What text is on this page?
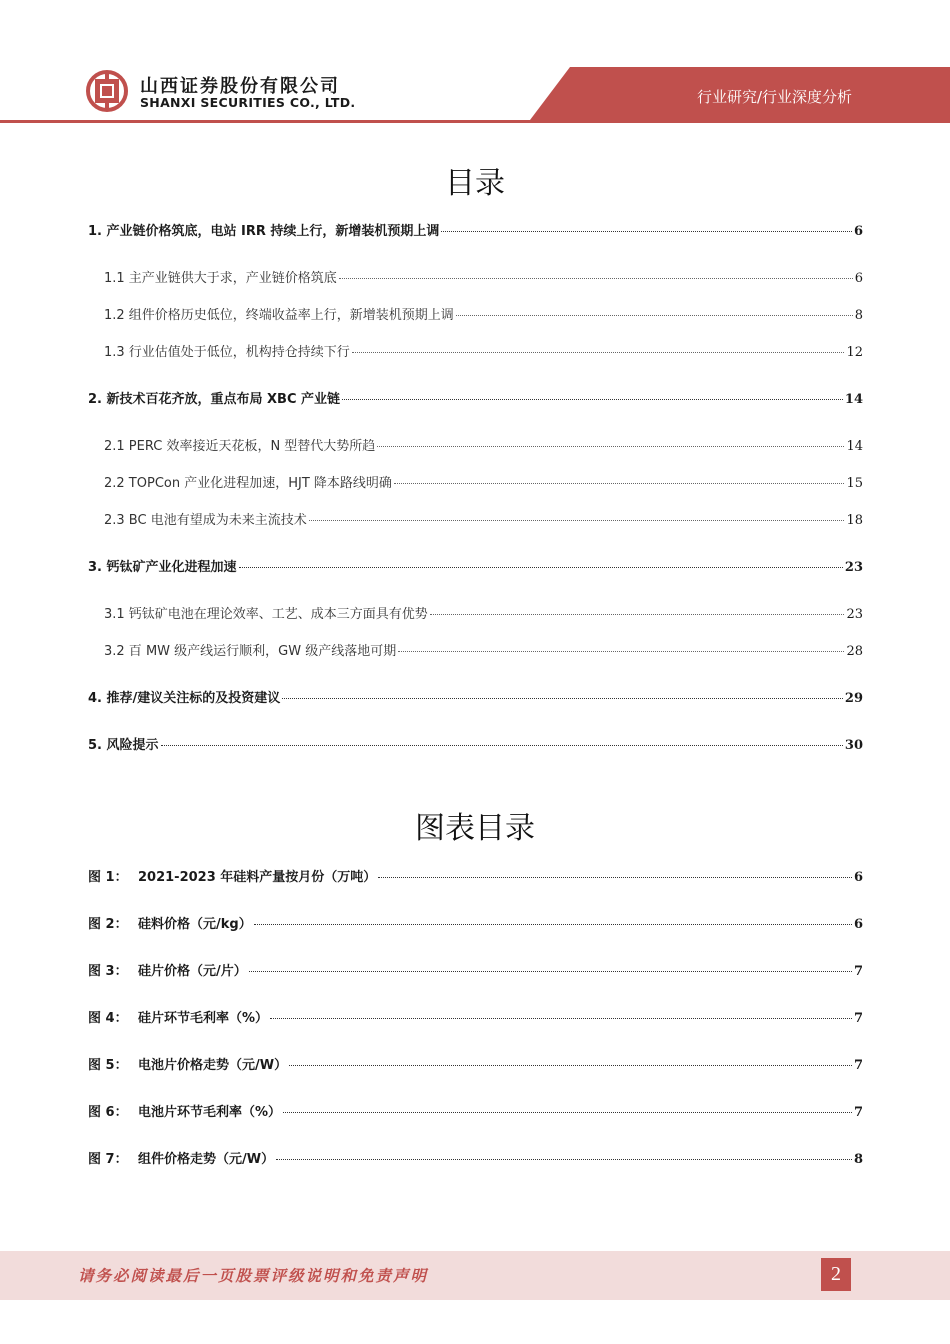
山西证券股份有限公司
SHANXI SECURITIES CO., LTD.	行业研究/行业深度分析
目录
1. 产业链价格筑底，电站 IRR 持续上行，新增装机预期上调	6
1.1 主产业链供大于求，产业链价格筑底	6
1.2 组件价格历史低位，终端收益率上行，新增装机预期上调	8
1.3 行业估值处于低位，机构持仓持续下行	12
2. 新技术百花齐放，重点布局 XBC 产业链	14
2.1 PERC 效率接近天花板，N 型替代大势所趋	14
2.2 TOPCon 产业化进程加速，HJT 降本路线明确	15
2.3 BC 电池有望成为未来主流技术	18
3. 钙钛矿产业化进程加速	23
3.1 钙钛矿电池在理论效率、工艺、成本三方面具有优势	23
3.2 百 MW 级产线运行顺利，GW 级产线落地可期	28
4. 推荐/建议关注标的及投资建议	29
5. 风险提示	30
图表目录
图 1： 2021-2023 年硅料产量按月份（万吨）	6
图 2： 硅料价格（元/kg）	6
图 3： 硅片价格（元/片）	7
图 4： 硅片环节毛利率（%）	7
图 5： 电池片价格走势（元/W）	7
图 6： 电池片环节毛利率（%）	7
图 7： 组件价格走势（元/W）	8
请务必阅读最后一页股票评级说明和免责声明	2
